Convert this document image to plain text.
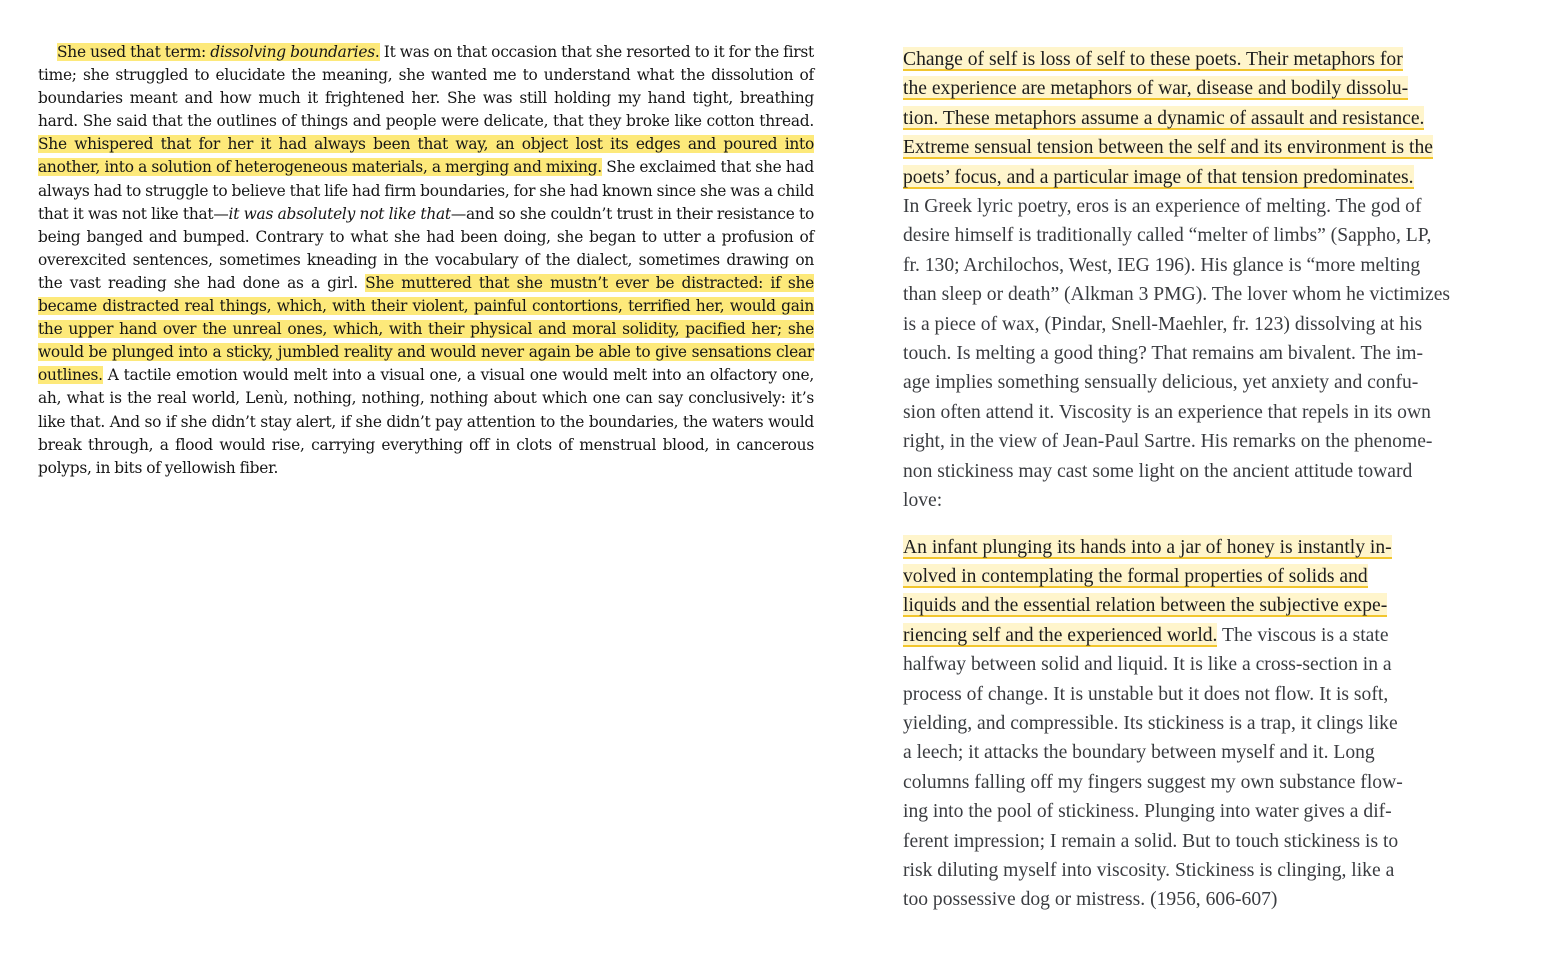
She used that term: dissolving boundaries. It was on that occasion that she resorted to it for the first time; she struggled to elucidate the meaning, she wanted me to understand what the dissolution of boundaries meant and how much it frightened her. She was still holding my hand tight, breathing hard. She said that the outlines of things and people were delicate, that they broke like cotton thread. She whispered that for her it had always been that way, an object lost its edges and poured into another, into a solution of heterogeneous materials, a merging and mixing. She exclaimed that she had always had to struggle to believe that life had firm boundaries, for she had known since she was a child that it was not like that—it was absolutely not like that—and so she couldn’t trust in their resistance to being banged and bumped. Contrary to what she had been doing, she began to utter a profusion of overexcited sentences, sometimes kneading in the vocabulary of the dialect, sometimes drawing on the vast reading she had done as a girl. She muttered that she mustn’t ever be distracted: if she became distracted real things, which, with their violent, painful contortions, terrified her, would gain the upper hand over the unreal ones, which, with their physical and moral solidity, pacified her; she would be plunged into a sticky, jumbled reality and would never again be able to give sensations clear outlines. A tactile emotion would melt into a visual one, a visual one would melt into an olfactory one, ah, what is the real world, Lenù, nothing, nothing, nothing about which one can say conclusively: it’s like that. And so if she didn’t stay alert, if she didn’t pay attention to the boundaries, the waters would break through, a flood would rise, carrying everything off in clots of menstrual blood, in cancerous polyps, in bits of yellowish fiber.

Change of self is loss of self to these poets. Their metaphors for
the experience are metaphors of war, disease and bodily dissolu-
tion. These metaphors assume a dynamic of assault and resistance.
Extreme sensual tension between the self and its environment is the
poets’ focus, and a particular image of that tension predominates.
In Greek lyric poetry, eros is an experience of melting. The god of
desire himself is traditionally called “melter of limbs” (Sappho, LP,
fr. 130; Archilochos, West, IEG 196). His glance is “more melting
than sleep or death” (Alkman 3 PMG). The lover whom he victimizes
is a piece of wax, (Pindar, Snell-Maehler, fr. 123) dissolving at his
touch. Is melting a good thing? That remains am bivalent. The im-
age implies something sensually delicious, yet anxiety and confu-
sion often attend it. Viscosity is an experience that repels in its own
right, in the view of Jean-Paul Sartre. His remarks on the phenome-
non stickiness may cast some light on the ancient attitude toward
love:

An infant plunging its hands into a jar of honey is instantly in-
volved in contemplating the formal properties of solids and
liquids and the essential relation between the subjective expe-
riencing self and the experienced world. The viscous is a state
halfway between solid and liquid. It is like a cross-section in a
process of change. It is unstable but it does not flow. It is soft,
yielding, and compressible. Its stickiness is a trap, it clings like
a leech; it attacks the boundary between myself and it. Long
columns falling off my fingers suggest my own substance flow-
ing into the pool of stickiness. Plunging into water gives a dif-
ferent impression; I remain a solid. But to touch stickiness is to
risk diluting myself into viscosity. Stickiness is clinging, like a
too possessive dog or mistress. (1956, 606-607)
